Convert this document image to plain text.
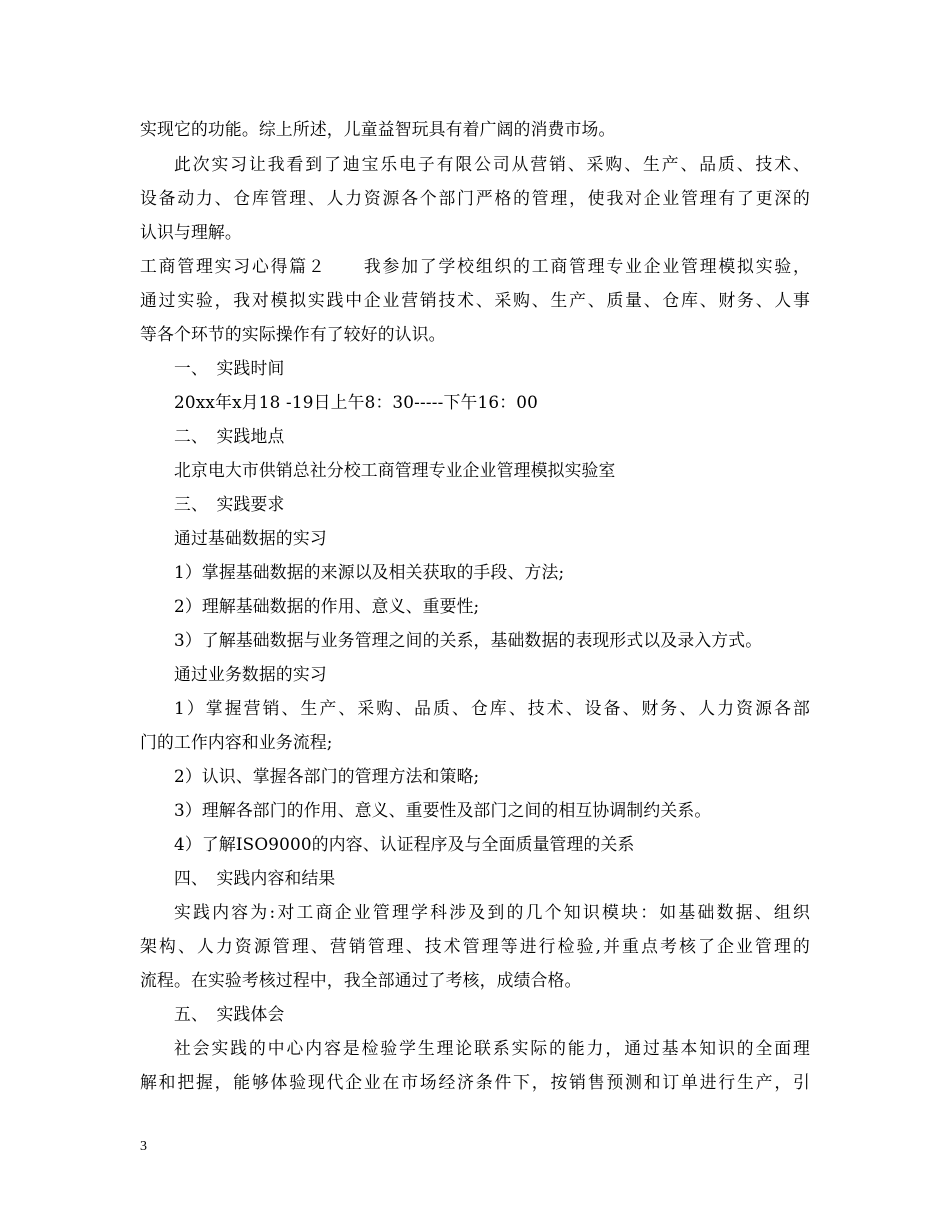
实现它的功能。综上所述，儿童益智玩具有着广阔的消费市场。
此次实习让我看到了迪宝乐电子有限公司从营销、采购、生产、品质、技术、
设备动力、仓库管理、人力资源各个部门严格的管理，使我对企业管理有了更深的
认识与理解。
工商管理实习心得篇２　　我参加了学校组织的工商管理专业企业管理模拟实验，
通过实验，我对模拟实践中企业营销技术、采购、生产、质量、仓库、财务、人事
等各个环节的实际操作有了较好的认识。
一、　实践时间
20xx年x月18 -19日上午8：30-----下午16：00
二、　实践地点
北京电大市供销总社分校工商管理专业企业管理模拟实验室
三、　实践要求
通过基础数据的实习
1）掌握基础数据的来源以及相关获取的手段、方法;
2）理解基础数据的作用、意义、重要性;
3）了解基础数据与业务管理之间的关系，基础数据的表现形式以及录入方式。
通过业务数据的实习
1）掌握营销、生产、采购、品质、仓库、技术、设备、财务、人力资源各部
门的工作内容和业务流程;
2）认识、掌握各部门的管理方法和策略;
3）理解各部门的作用、意义、重要性及部门之间的相互协调制约关系。
4）了解ISO9000的内容、认证程序及与全面质量管理的关系
四、　实践内容和结果
实践内容为:对工商企业管理学科涉及到的几个知识模块：如基础数据、组织
架构、人力资源管理、营销管理、技术管理等进行检验,并重点考核了企业管理的
流程。在实验考核过程中，我全部通过了考核，成绩合格。
五、　实践体会
社会实践的中心内容是检验学生理论联系实际的能力，通过基本知识的全面理
解和把握，能够体验现代企业在市场经济条件下，按销售预测和订单进行生产，引
3
